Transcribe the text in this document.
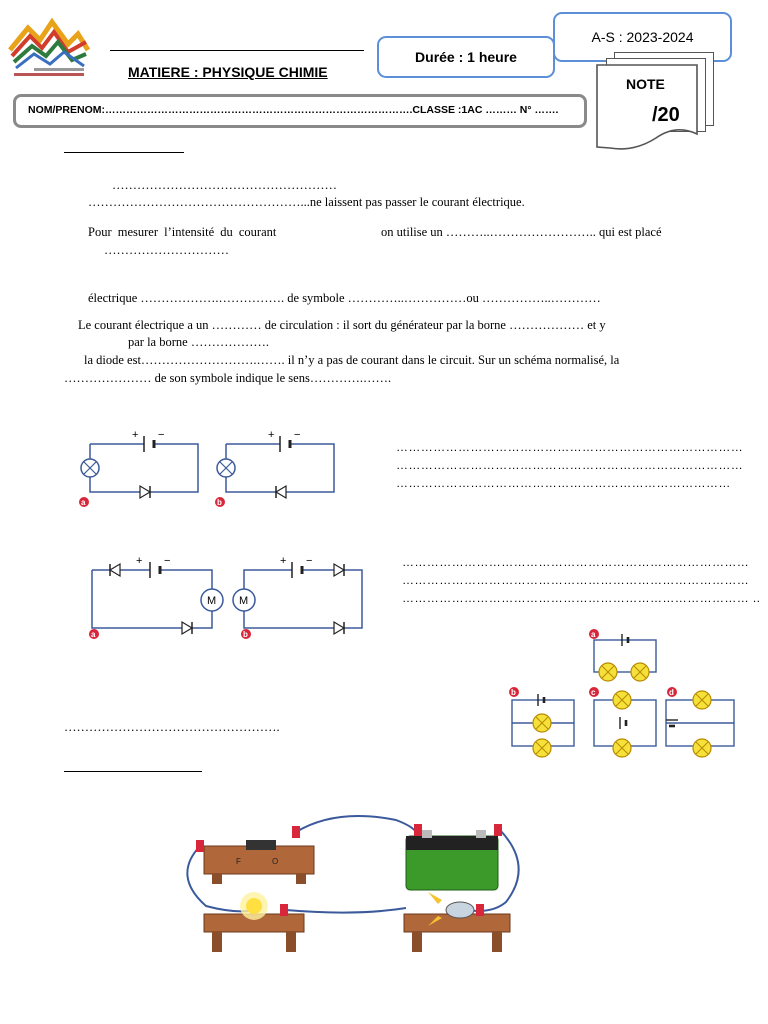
MATIERE : PHYSIQUE CHIMIE
Durée : 1 heure
A-S : 2023-2024
NOTE
/20
NOM/PRENOM:…………………………………………………………………………….CLASSE :1AC ……… N° …….
………………………………………………
……………………………………………...ne laissent pas passer le courant électrique.
Pour mesurer l’intensité du courant	on utilise un ………..…………………….. qui est placé
…………………………
électrique ……………….……………. de symbole …………..……………ou ……………..…………
Le courant électrique a un ………… de circulation : il sort du générateur par la borne ……………… et y
par la borne ……………….
la diode est……………………….……. il n’y a pas de courant dans le circuit. Sur un schéma normalisé, la
………………… de son symbole indique le sens………….…….
+ −
a
+ −
b
…………………………………………………………………………
…………………………………………………………………………
………………………………………………………………………
+ −
M
a
+ −
M
b
…………………………………………………………………………
…………………………………………………………………………
………………………………………………………………………… ..
a
b	c	d
…………………………………………….
F	O
